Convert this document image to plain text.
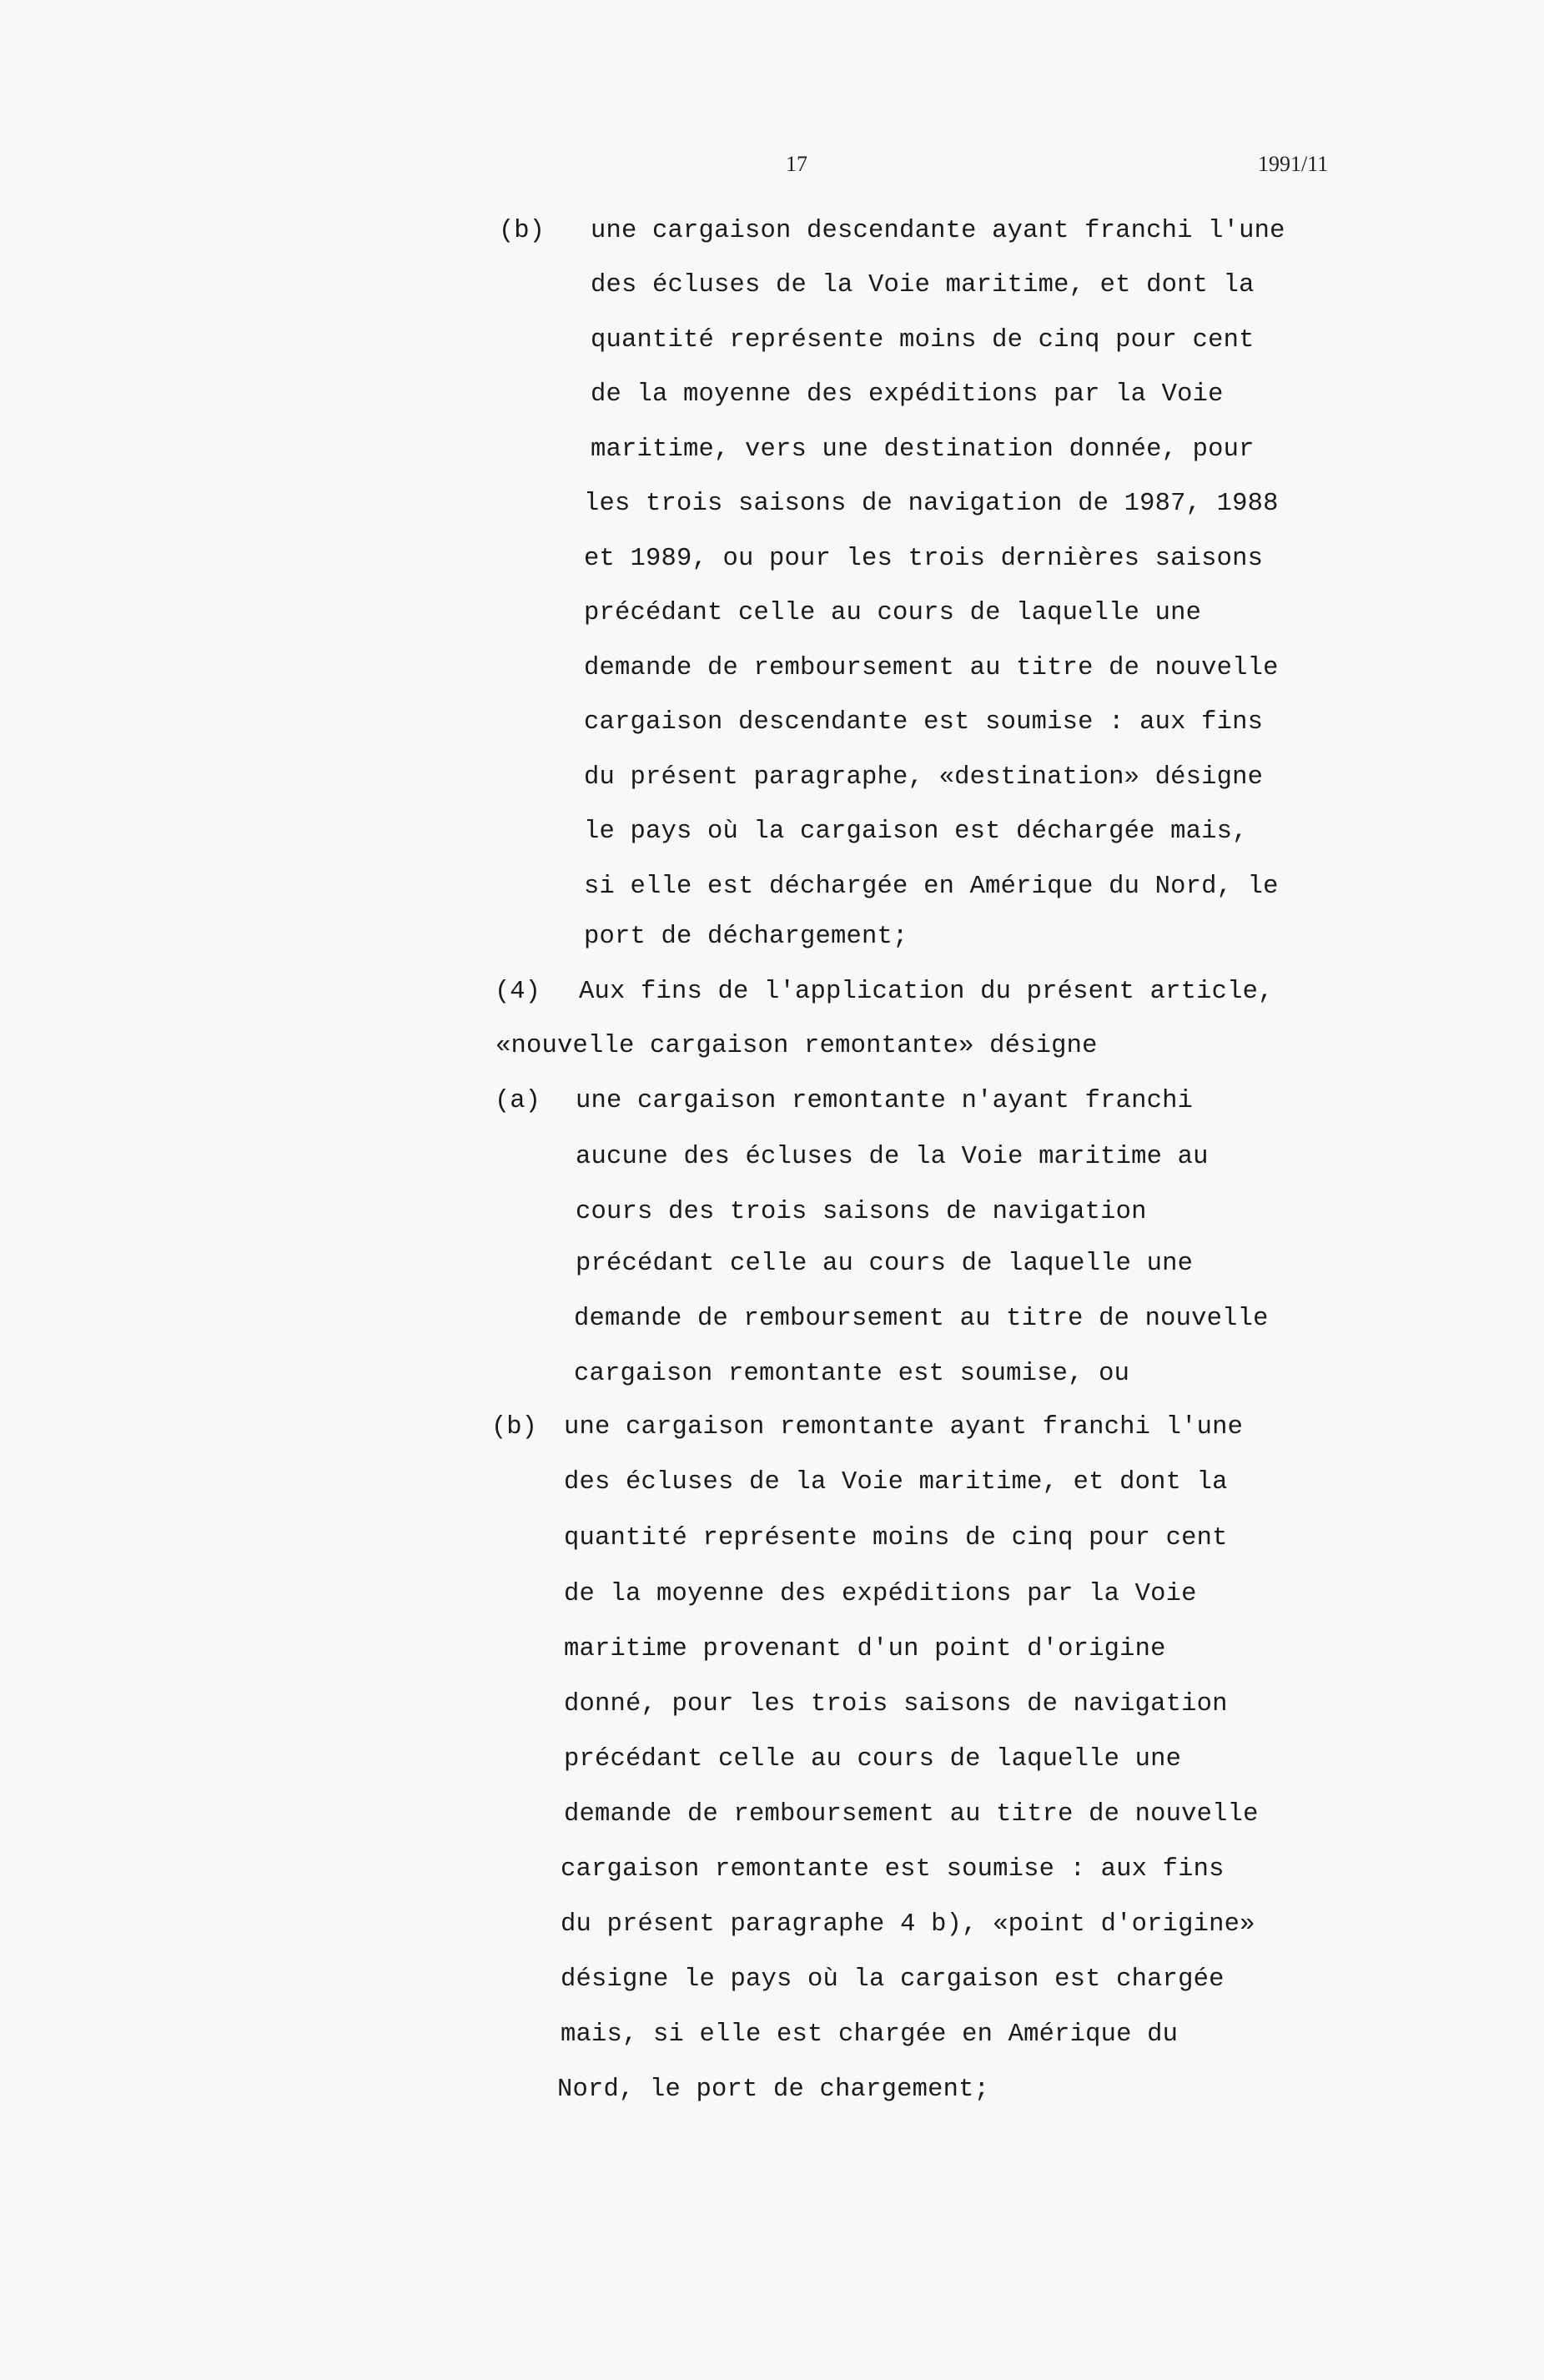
17	1991/11
(b) une cargaison descendante ayant franchi l'une
des écluses de la Voie maritime, et dont la
quantité représente moins de cinq pour cent
de la moyenne des expéditions par la Voie
maritime, vers une destination donnée, pour
les trois saisons de navigation de 1987, 1988
et 1989, ou pour les trois dernières saisons
précédant celle au cours de laquelle une
demande de remboursement au titre de nouvelle
cargaison descendante est soumise : aux fins
du présent paragraphe, «destination» désigne
le pays où la cargaison est déchargée mais,
si elle est déchargée en Amérique du Nord, le
port de déchargement;
(4) Aux fins de l'application du présent article,
«nouvelle cargaison remontante» désigne
(a) une cargaison remontante n'ayant franchi
aucune des écluses de la Voie maritime au
cours des trois saisons de navigation
précédant celle au cours de laquelle une
demande de remboursement au titre de nouvelle
cargaison remontante est soumise, ou
(b) une cargaison remontante ayant franchi l'une
des écluses de la Voie maritime, et dont la
quantité représente moins de cinq pour cent
de la moyenne des expéditions par la Voie
maritime provenant d'un point d'origine
donné, pour les trois saisons de navigation
précédant celle au cours de laquelle une
demande de remboursement au titre de nouvelle
cargaison remontante est soumise : aux fins
du présent paragraphe 4 b), «point d'origine»
désigne le pays où la cargaison est chargée
mais, si elle est chargée en Amérique du
Nord, le port de chargement;
